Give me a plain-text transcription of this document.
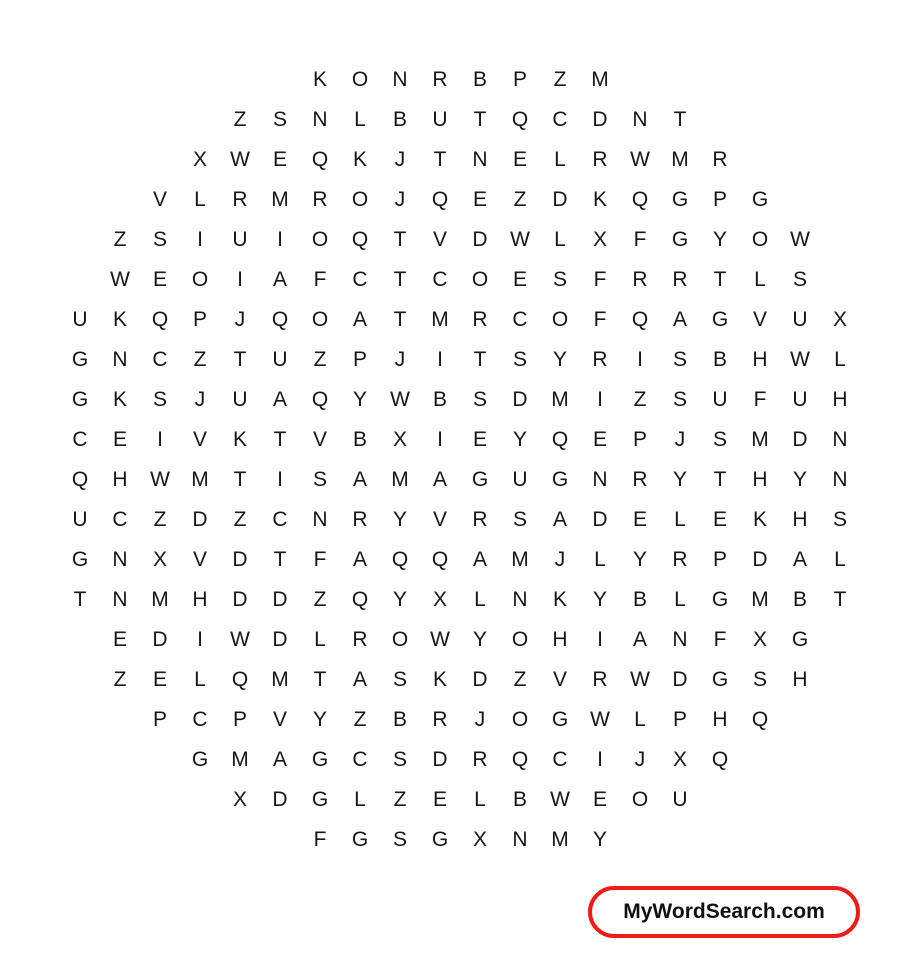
K	O	N	R	B	P	Z	M
Z	S	N	L	B	U	T	Q	C	D	N	T
X	W	E	Q	K	J	T	N	E	L	R	W	M	R
V	L	R	M	R	O	J	Q	E	Z	D	K	Q	G	P	G
Z	S	I	U	I	O	Q	T	V	D	W	L	X	F	G	Y	O	W
W	E	O	I	A	F	C	T	C	O	E	S	F	R	R	T	L	S
U	K	Q	P	J	Q	O	A	T	M	R	C	O	F	Q	A	G	V	U	X
G	N	C	Z	T	U	Z	P	J	I	T	S	Y	R	I	S	B	H	W	L
G	K	S	J	U	A	Q	Y	W	B	S	D	M	I	Z	S	U	F	U	H
C	E	I	V	K	T	V	B	X	I	E	Y	Q	E	P	J	S	M	D	N
Q	H	W	M	T	I	S	A	M	A	G	U	G	N	R	Y	T	H	Y	N
U	C	Z	D	Z	C	N	R	Y	V	R	S	A	D	E	L	E	K	H	S
G	N	X	V	D	T	F	A	Q	Q	A	M	J	L	Y	R	P	D	A	L
T	N	M	H	D	D	Z	Q	Y	X	L	N	K	Y	B	L	G	M	B	T
E	D	I	W	D	L	R	O	W	Y	O	H	I	A	N	F	X	G
Z	E	L	Q	M	T	A	S	K	D	Z	V	R	W	D	G	S	H
P	C	P	V	Y	Z	B	R	J	O	G	W	L	P	H	Q
G	M	A	G	C	S	D	R	Q	C	I	J	X	Q
X	D	G	L	Z	E	L	B	W	E	O	U
F	G	S	G	X	N	M	Y
MyWordSearch.com
